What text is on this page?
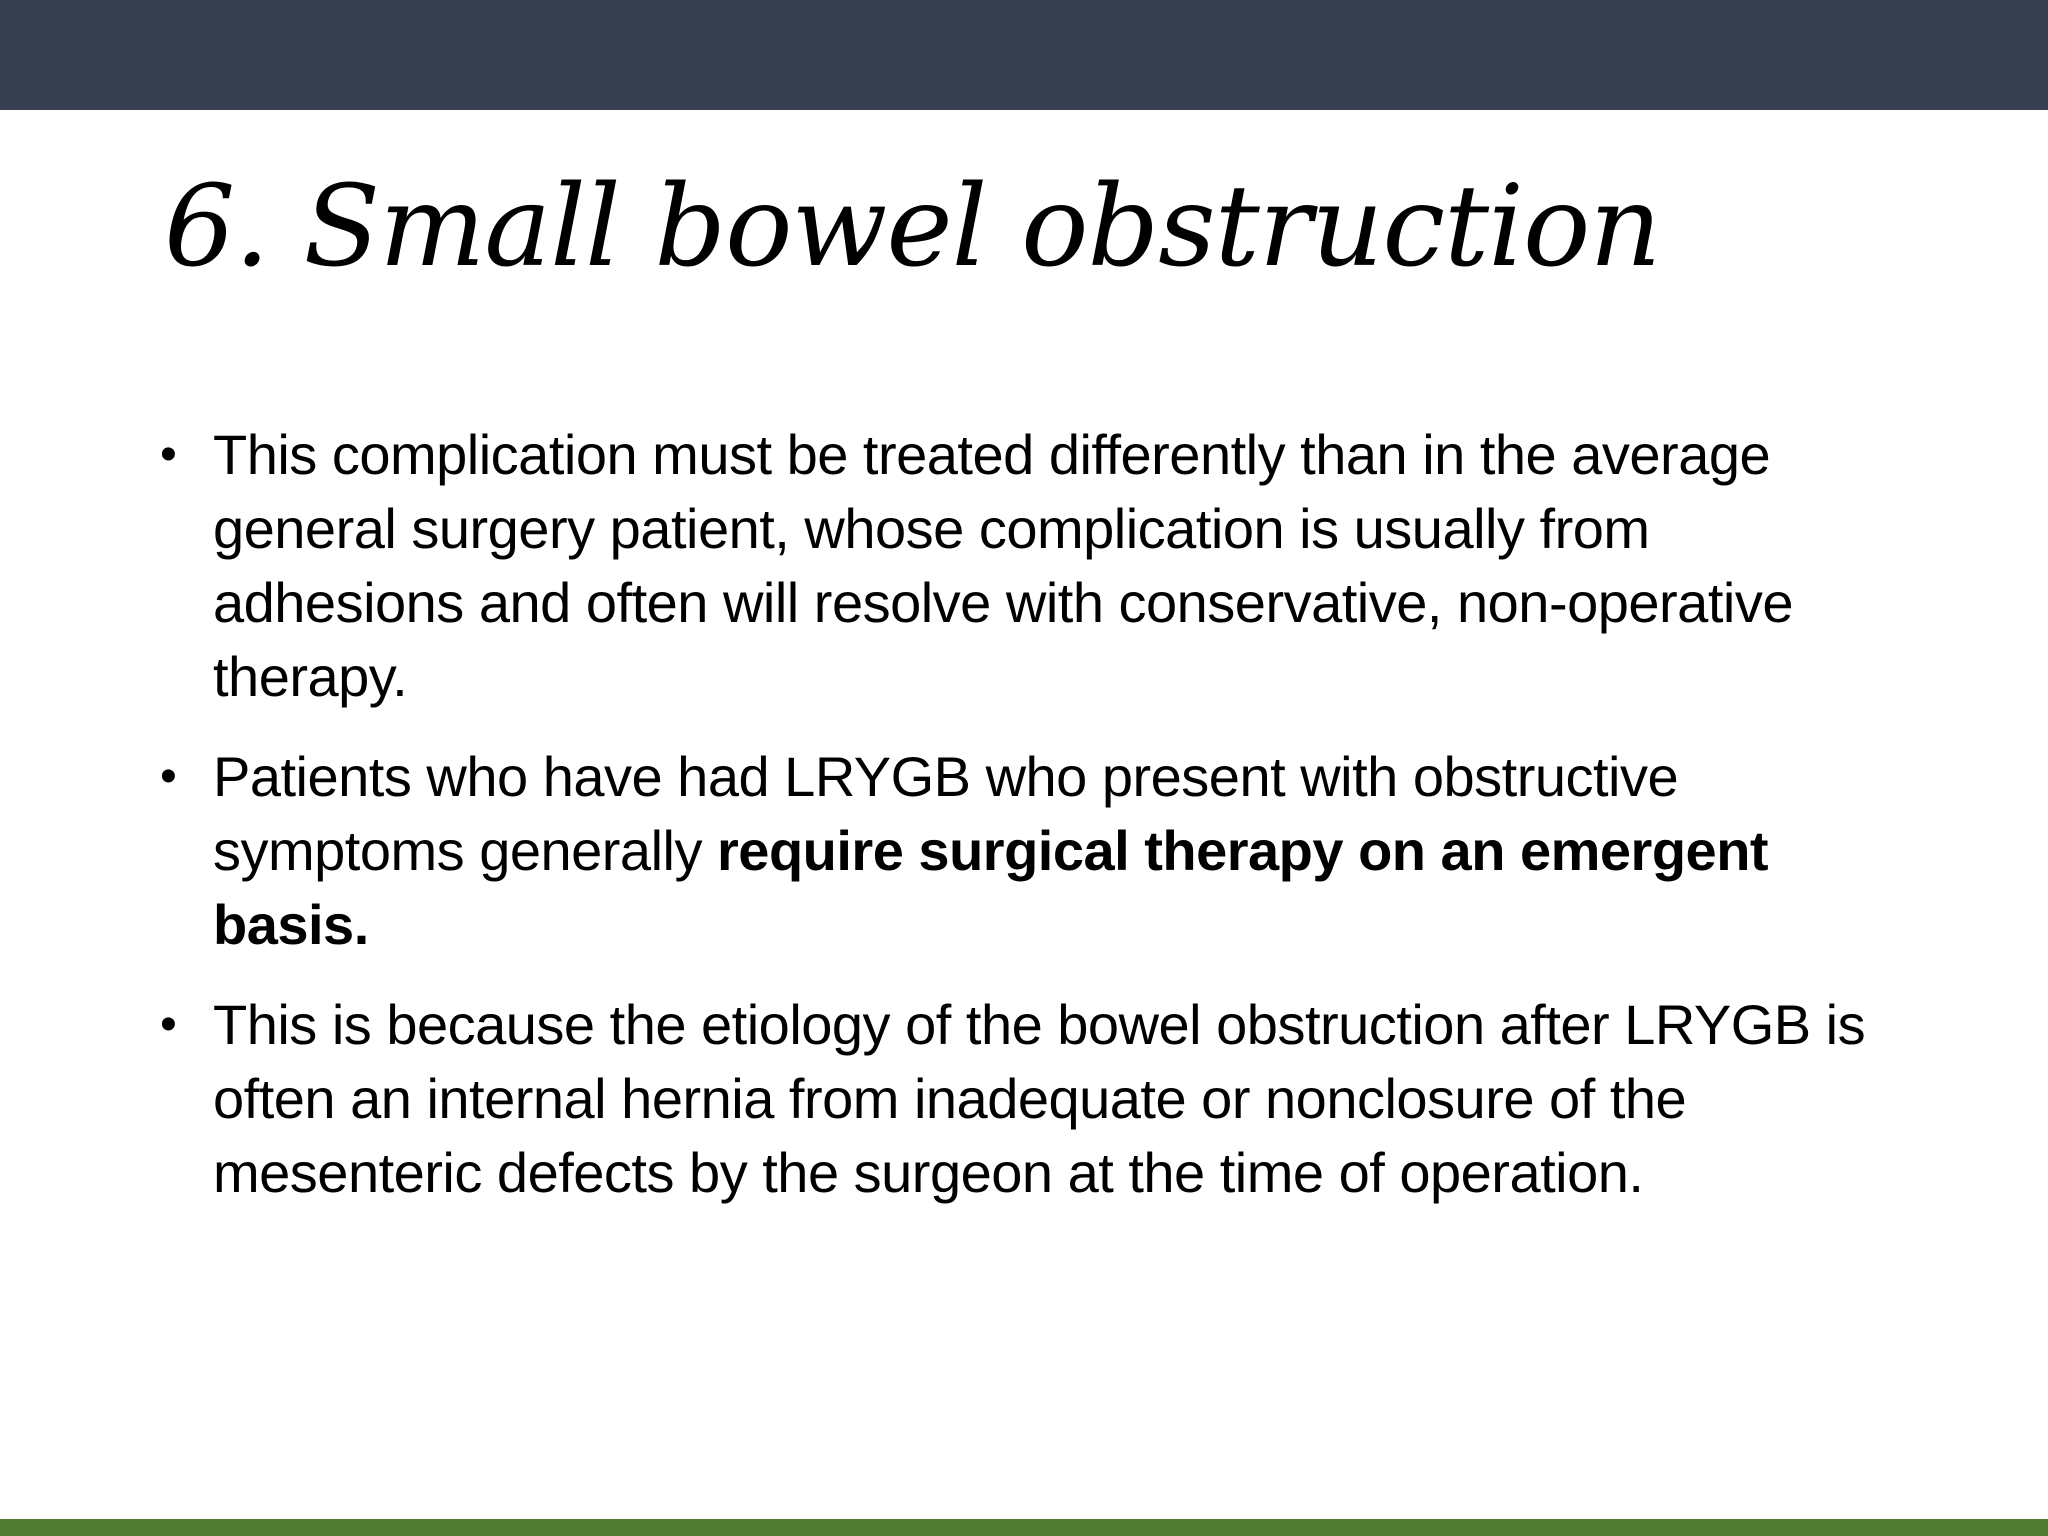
6. Small bowel obstruction
• This complication must be treated differently than in the average general surgery patient, whose complication is usually from adhesions and often will resolve with conservative, non-operative therapy.
• Patients who have had LRYGB who present with obstructive symptoms generally require surgical therapy on an emergent basis.
• This is because the etiology of the bowel obstruction after LRYGB is often an internal hernia from inadequate or nonclosure of the mesenteric defects by the surgeon at the time of operation.
